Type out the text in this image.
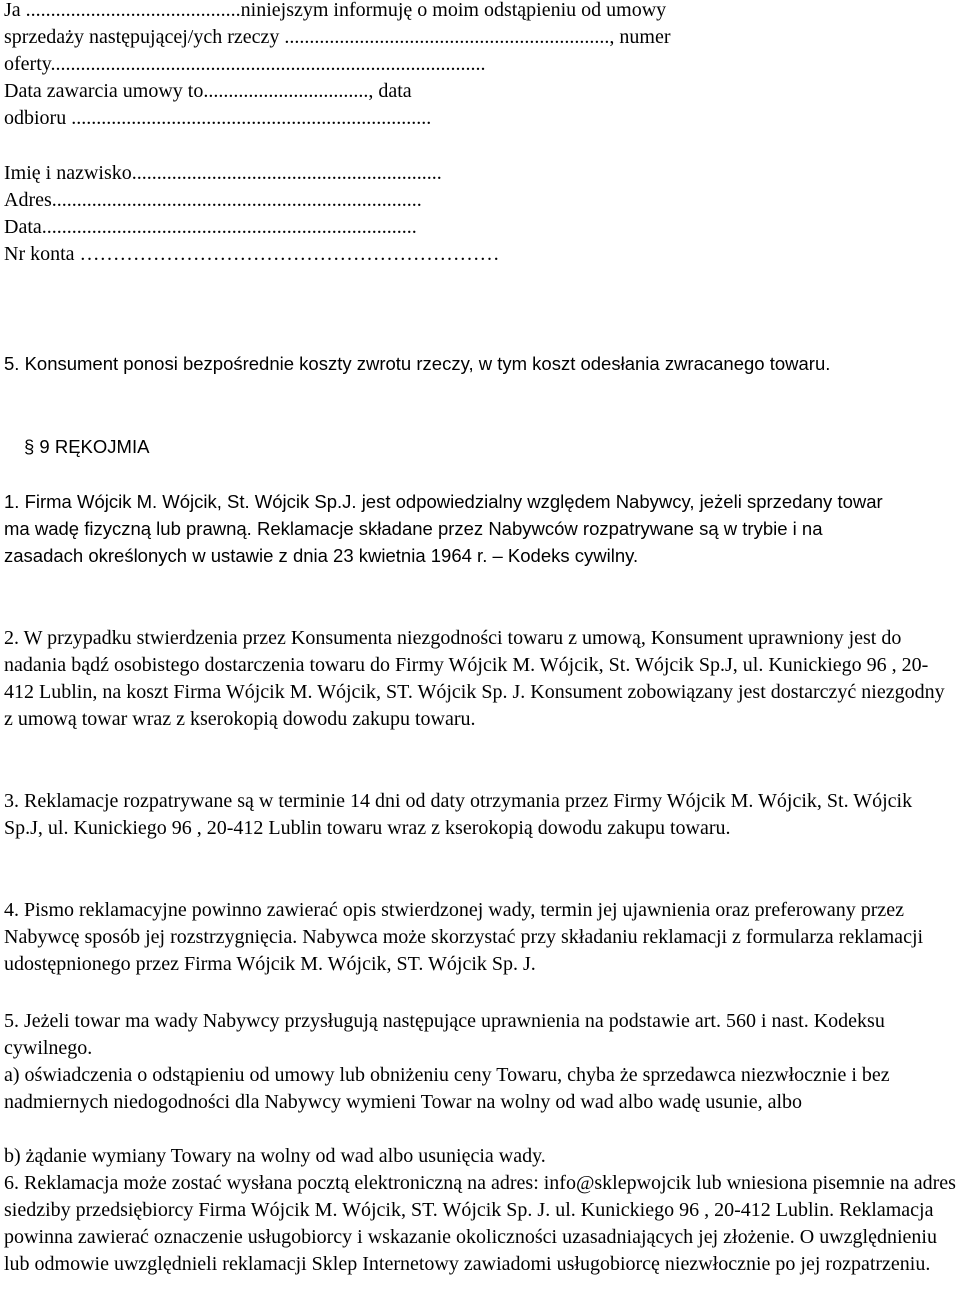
Ja ...........................................niniejszym informuję o moim odstąpieniu od umowy

sprzedaży następującej/ych rzeczy ................................................................., numer

oferty.......................................................................................

Data zawarcia umowy to................................., data

odbioru ........................................................................

Imię i nazwisko..............................................................

Adres..........................................................................

Data...........................................................................

Nr konta ………………………………………………………

5. Konsument ponosi bezpośrednie koszty zwrotu rzeczy, w tym koszt odesłania zwracanego towaru.

§ 9 RĘKOJMIA

1. Firma Wójcik M. Wójcik, St. Wójcik Sp.J. jest odpowiedzialny względem Nabywcy, jeżeli sprzedany towar ma wadę fizyczną lub prawną. Reklamacje składane przez Nabywców rozpatrywane są w trybie i na zasadach określonych w ustawie z dnia 23 kwietnia 1964 r. – Kodeks cywilny.

2. W przypadku stwierdzenia przez Konsumenta niezgodności towaru z umową, Konsument uprawniony jest do nadania bądź osobistego dostarczenia towaru do Firmy Wójcik M. Wójcik, St. Wójcik Sp.J, ul. Kunickiego 96 , 20-412 Lublin, na koszt Firma Wójcik M. Wójcik, ST. Wójcik Sp. J. Konsument zobowiązany jest dostarczyć niezgodny z umową towar wraz z kserokopią dowodu zakupu towaru.

3. Reklamacje rozpatrywane są w terminie 14 dni od daty otrzymania przez Firmy Wójcik M. Wójcik, St. Wójcik Sp.J, ul. Kunickiego 96 , 20-412 Lublin towaru wraz z kserokopią dowodu zakupu towaru.

4. Pismo reklamacyjne powinno zawierać opis stwierdzonej wady, termin jej ujawnienia oraz preferowany przez Nabywcę sposób jej rozstrzygnięcia. Nabywca może skorzystać przy składaniu reklamacji z formularza reklamacji udostępnionego przez Firma Wójcik M. Wójcik, ST. Wójcik Sp. J.

5. Jeżeli towar ma wady Nabywcy przysługują następujące uprawnienia na podstawie art. 560 i nast. Kodeksu cywilnego.

a) oświadczenia o odstąpieniu od umowy lub obniżeniu ceny Towaru, chyba że sprzedawca niezwłocznie i bez nadmiernych niedogodności dla Nabywcy wymieni Towar na wolny od wad albo wadę usunie, albo

b) żądanie wymiany Towary na wolny od wad albo usunięcia wady.

6. Reklamacja może zostać wysłana pocztą elektroniczną na adres: info@sklepwojcik lub wniesiona pisemnie na adres siedziby przedsiębiorcy Firma Wójcik M. Wójcik, ST. Wójcik Sp. J. ul. Kunickiego 96 , 20-412 Lublin. Reklamacja powinna zawierać oznaczenie usługobiorcy i wskazanie okoliczności uzasadniających jej złożenie. O uwzględnieniu lub odmowie uwzględnieli reklamacji Sklep Internetowy zawiadomi usługobiorcę niezwłocznie po jej rozpatrzeniu.
